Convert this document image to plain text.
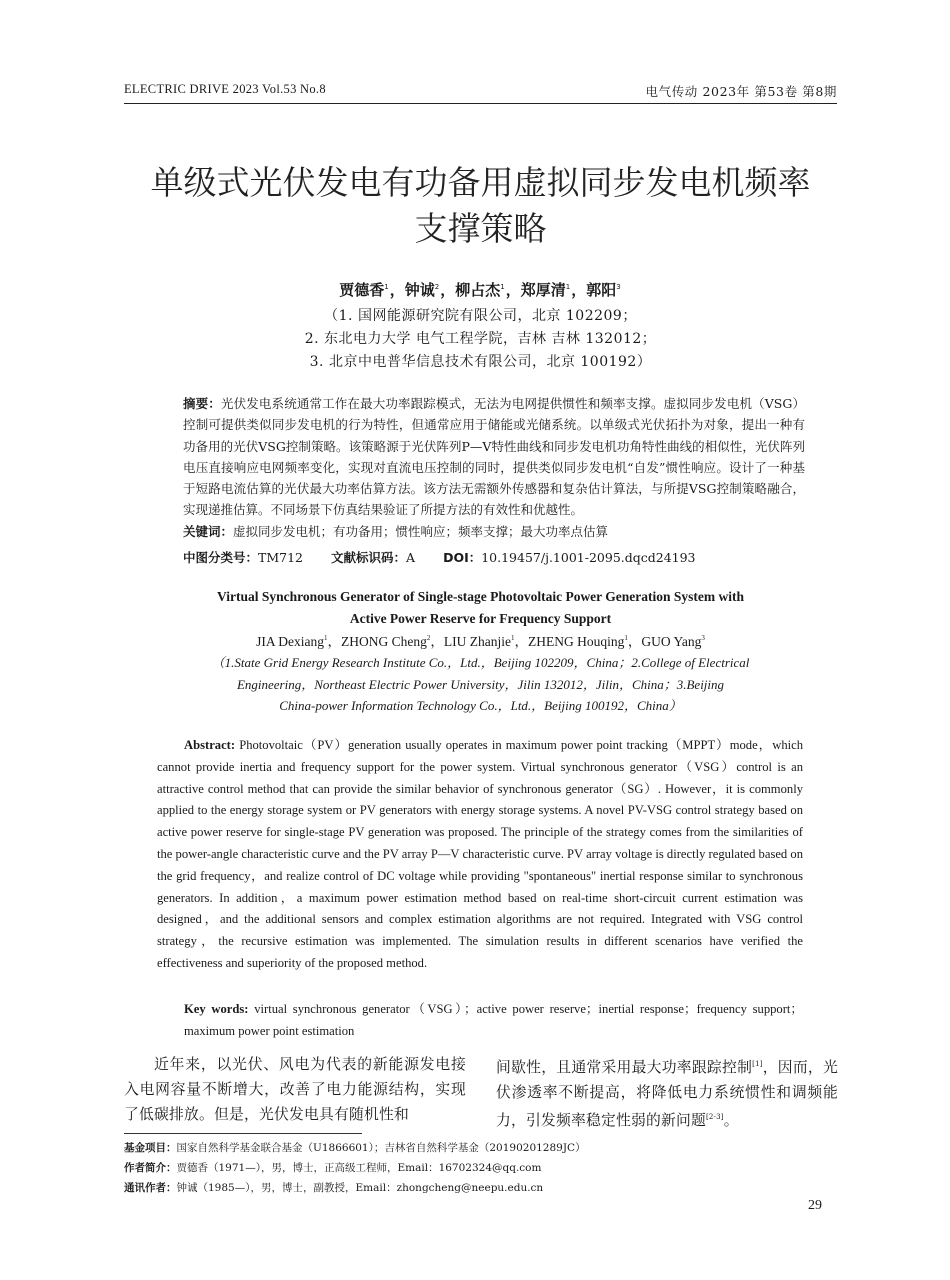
ELECTRIC DRIVE 2023 Vol.53 No.8	电气传动 2023年 第53卷 第8期
单级式光伏发电有功备用虚拟同步发电机频率
支撑策略
贾德香$^1$，钟诚$^2$，柳占杰$^1$，郑厚清$^1$，郭阳$^3$
（1. 国网能源研究院有限公司，北京 102209；
2. 东北电力大学 电气工程学院，吉林 吉林 132012；
3. 北京中电普华信息技术有限公司，北京 100192）
摘要：光伏发电系统通常工作在最大功率跟踪模式，无法为电网提供惯性和频率支撑。虚拟同步发电机（VSG）控制可提供类似同步发电机的行为特性，但通常应用于储能或光储系统。以单级式光伏拓扑为对象，提出一种有功备用的光伏VSG控制策略。该策略源于光伏阵列P—V特性曲线和同步发电机功角特性曲线的相似性，光伏阵列电压直接响应电网频率变化，实现对直流电压控制的同时，提供类似同步发电机“自发”惯性响应。设计了一种基于短路电流估算的光伏最大功率估算方法。该方法无需额外传感器和复杂估计算法，与所提VSG控制策略融合，实现递推估算。不同场景下仿真结果验证了所提方法的有效性和优越性。
关键词：虚拟同步发电机；有功备用；惯性响应；频率支撑；最大功率点估算
中图分类号：TM712 文献标识码：A DOI：10.19457/j.1001-2095.dqcd24193
Virtual Synchronous Generator of Single-stage Photovoltaic Power Generation System with
Active Power Reserve for Frequency Support
JIA Dexiang$^1$，ZHONG Cheng$^2$，LIU Zhanjie$^1$，ZHENG Houqing$^1$，GUO Yang$^3$
（1.State Grid Energy Research Institute Co.，Ltd.，Beijing 102209，China；2.College of Electrical
Engineering，Northeast Electric Power University，Jilin 132012，Jilin，China；3.Beijing
China-power Information Technology Co.，Ltd.，Beijing 100192，China）

Abstract: Photovoltaic（PV）generation usually operates in maximum power point tracking（MPPT）mode，which cannot provide inertia and frequency support for the power system. Virtual synchronous generator（VSG）control is an attractive control method that can provide the similar behavior of synchronous generator（SG）. However，it is commonly applied to the energy storage system or PV generators with energy storage systems. A novel PV-VSG control strategy based on active power reserve for single-stage PV generation was proposed. The principle of the strategy comes from the similarities of the power-angle characteristic curve and the PV array P—V characteristic curve. PV array voltage is directly regulated based on the grid frequency，and realize control of DC voltage while providing "spontaneous" inertial response similar to synchronous generators. In addition，a maximum power estimation method based on real-time short-circuit current estimation was designed，and the additional sensors and complex estimation algorithms are not required. Integrated with VSG control strategy，the recursive estimation was implemented. The simulation results in different scenarios have verified the effectiveness and superiority of the proposed method.

Key words: virtual synchronous generator（VSG）；active power reserve；inertial response；frequency support；maximum power point estimation
近年来，以光伏、风电为代表的新能源发电接入电网容量不断增大，改善了电力能源结构，实现了低碳排放。但是，光伏发电具有随机性和
间歇性，且通常采用最大功率跟踪控制[1]，因而，光伏渗透率不断提高，将降低电力系统惯性和调频能力，引发频率稳定性弱的新问题[2-3]。
基金项目：国家自然科学基金联合基金（U1866601）；吉林省自然科学基金（20190201289JC）
作者简介：贾德香（1971—），男，博士，正高级工程师，Email：16702324@qq.com
通讯作者：钟诚（1985—），男，博士，副教授，Email：zhongcheng@neepu.edu.cn
29
